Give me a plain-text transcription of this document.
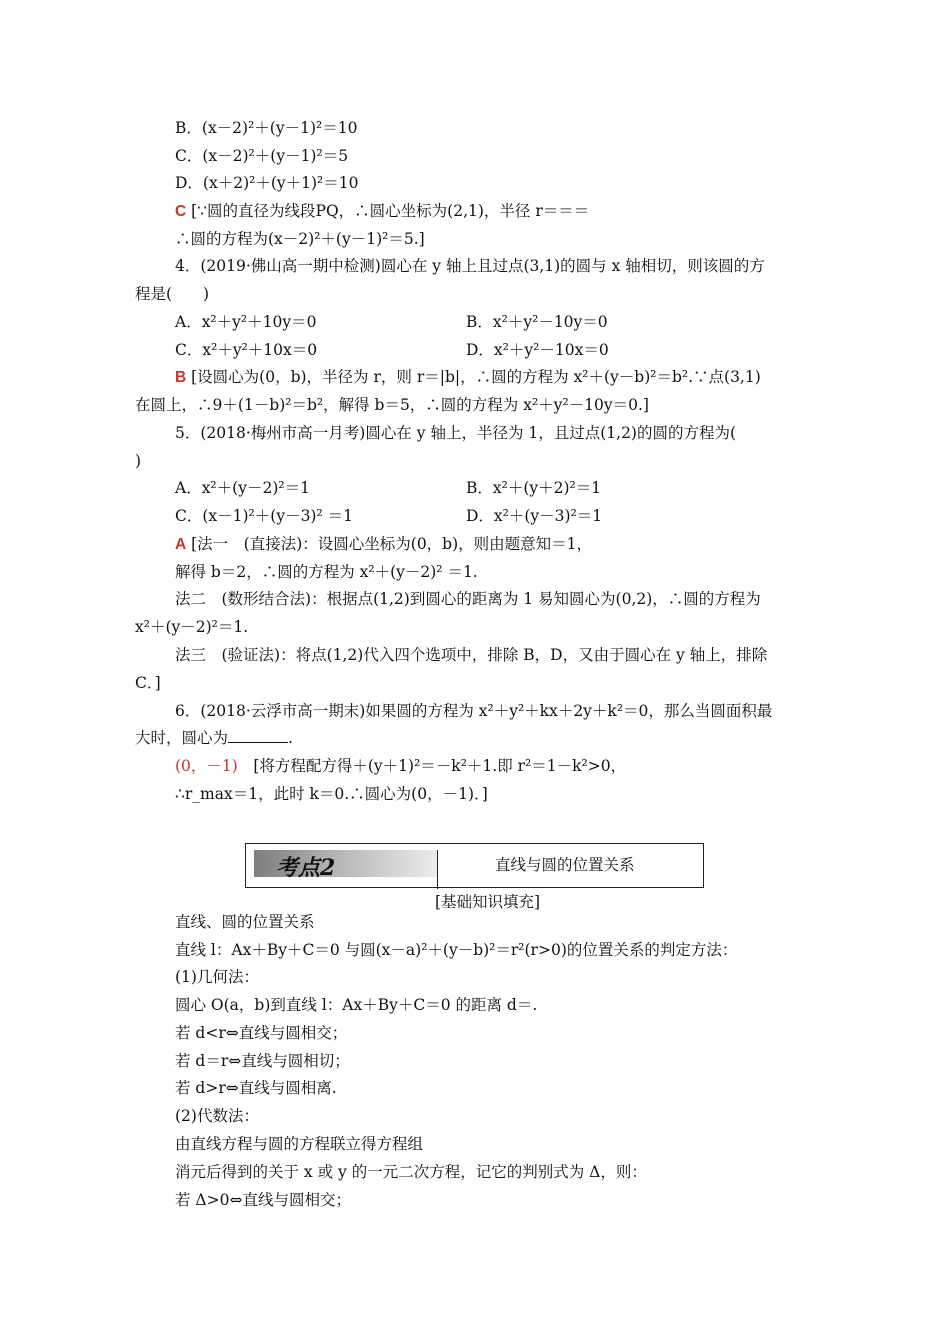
B．(x－2)²＋(y－1)²＝10
C．(x－2)²＋(y－1)²＝5
D．(x＋2)²＋(y＋1)²＝10
C [∵圆的直径为线段PQ，∴圆心坐标为(2,1)，半径 r＝＝＝
∴圆的方程为(x－2)²＋(y－1)²＝5.]
4．(2019·佛山高一期中检测)圆心在 y 轴上且过点(3,1)的圆与 x 轴相切，则该圆的方
程是(　　)
A．x²＋y²＋10y＝0	B．x²＋y²－10y＝0
C．x²＋y²＋10x＝0	D．x²＋y²－10x＝0
B [设圆心为(0，b)，半径为 r，则 r＝|b|，∴圆的方程为 x²＋(y－b)²＝b².∵点(3,1)
在圆上，∴9＋(1－b)²＝b²，解得 b＝5，∴圆的方程为 x²＋y²－10y＝0.]
5．(2018·梅州市高一月考)圆心在 y 轴上，半径为 1，且过点(1,2)的圆的方程为(
)
A．x²＋(y－2)²＝1	B．x²＋(y＋2)²＝1
C．(x－1)²＋(y－3)² ＝1	D．x²＋(y－3)²＝1
A [法一　(直接法)：设圆心坐标为(0，b)，则由题意知＝1，
解得 b＝2，∴圆的方程为 x²＋(y－2)² ＝1.
法二　(数形结合法)：根据点(1,2)到圆心的距离为 1 易知圆心为(0,2)，∴圆的方程为
x²＋(y－2)²＝1.
法三　(验证法)：将点(1,2)代入四个选项中，排除 B，D，又由于圆心在 y 轴上，排除
C．]
6．(2018·云浮市高一期末)如果圆的方程为 x²＋y²＋kx＋2y＋k²＝0，那么当圆面积最
大时，圆心为	.
(0，－1)　[将方程配方得＋(y＋1)²＝－k²＋1.即 r²＝1－k²>0，
∴r_max＝1，此时 k＝0.∴圆心为(0，－1)．]
直线、圆的位置关系
直线 l：Ax＋By＋C＝0 与圆(x－a)²＋(y－b)²＝r²(r>0)的位置关系的判定方法：
(1)几何法：
圆心 O(a，b)到直线 l：Ax＋By＋C＝0 的距离 d＝.
若 d<r⇔直线与圆相交；
若 d＝r⇔直线与圆相切；
若 d>r⇔直线与圆相离.
(2)代数法：
由直线方程与圆的方程联立得方程组
消元后得到的关于 x 或 y 的一元二次方程，记它的判别式为 Δ，则：
若 Δ>0⇔直线与圆相交；
考点2	直线与圆的位置关系
[基础知识填充]
